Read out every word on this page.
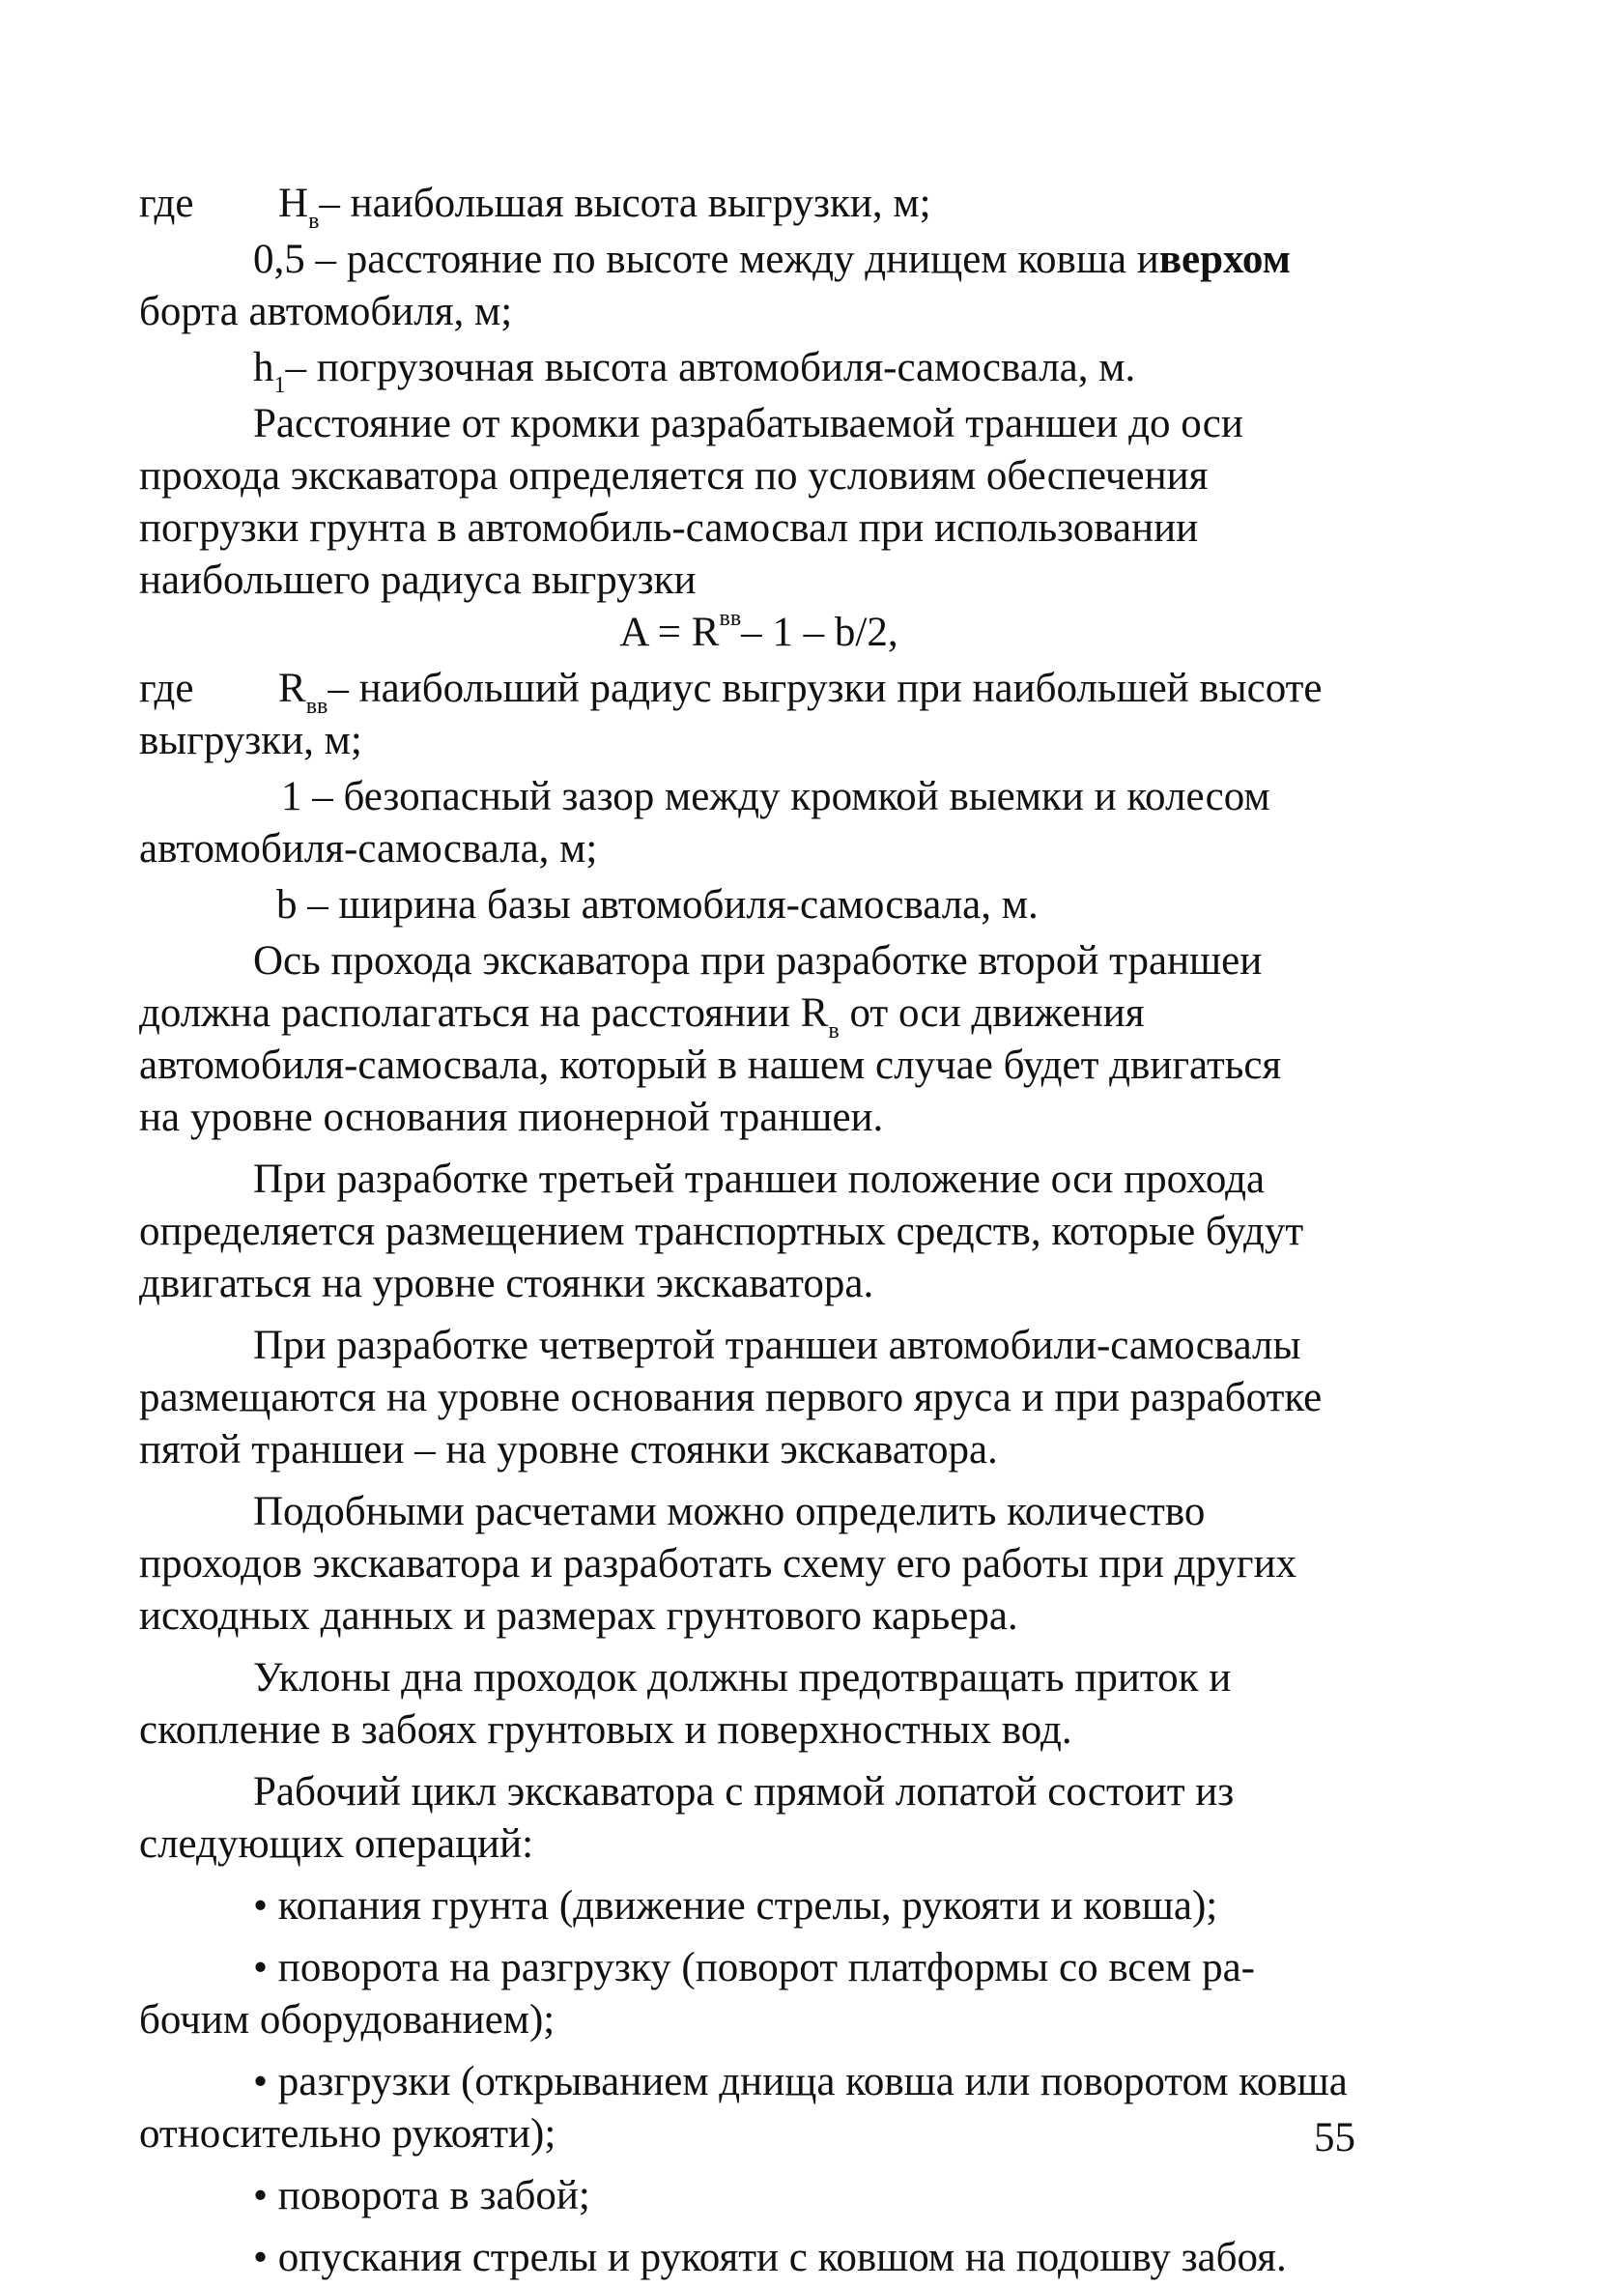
где	$Н_в$ – наибольшая высота выгрузки, м;
0,5 – расстояние по высоте между днищем ковша и верхом
борта автомобиля, м;
$h_1$ – погрузочная высота автомобиля-самосвала, м.
Расстояние от кромки разрабатываемой траншеи до оси
прохода экскаватора определяется по условиям обеспечения
погрузки грунта в автомобиль-самосвал при использовании
наибольшего радиуса выгрузки
A = R вв – 1 – b/2,
где	$R_{вв}$ – наибольший радиус выгрузки при наибольшей высоте
выгрузки, м;
1 – безопасный зазор между кромкой выемки и колесом
автомобиля-самосвала, м;
b – ширина базы автомобиля-самосвала, м.
Ось прохода экскаватора при разработке второй траншеи
должна располагаться на расстоянии $R_в$ от оси движения
автомобиля-самосвала, который в нашем случае будет двигаться
на уровне основания пионерной траншеи.
При разработке третьей траншеи положение оси прохода
определяется размещением транспортных средств, которые будут
двигаться на уровне стоянки экскаватора.
При разработке четвертой траншеи автомобили-самосвалы
размещаются на уровне основания первого яруса и при разработке
пятой траншеи – на уровне стоянки экскаватора.
Подобными расчетами можно определить количество
проходов экскаватора и разработать схему его работы при других
исходных данных и размерах грунтового карьера.
Уклоны дна проходок должны предотвращать приток и
скопление в забоях грунтовых и поверхностных вод.
Рабочий цикл экскаватора с прямой лопатой состоит из
следующих операций:
• копания грунта (движение стрелы, рукояти и ковша);
• поворота на разгрузку (поворот платформы со всем ра-
бочим оборудованием);
• разгрузки (открыванием днища ковша или поворотом ковша
относительно рукояти);
• поворота в забой;
• опускания стрелы и рукояти с ковшом на подошву забоя.
55
